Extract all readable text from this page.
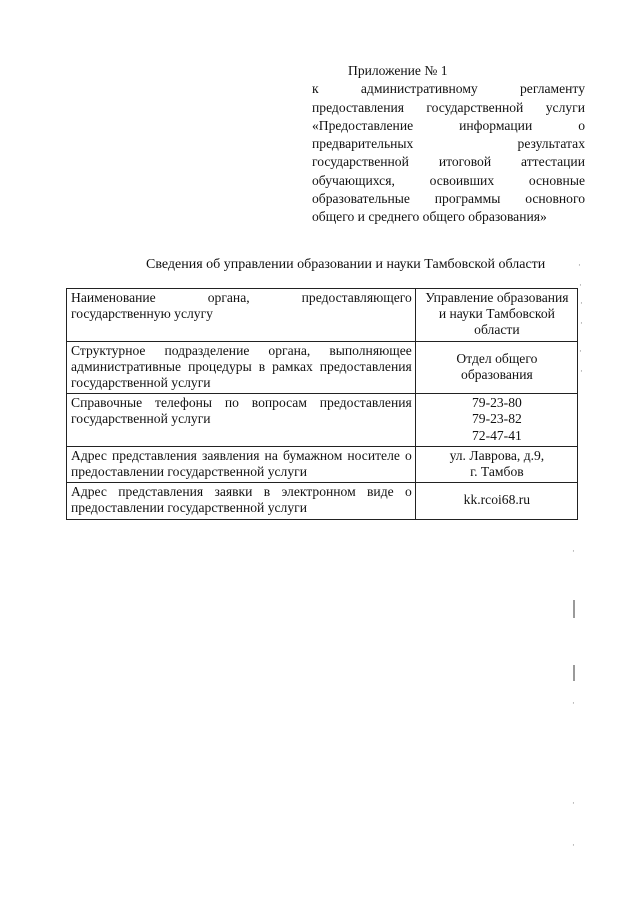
Приложение № 1
к административному регламенту
предоставления государственной услуги
«Предоставление информации о
предварительных результатах
государственной итоговой аттестации
обучающихся, освоивших основные
образовательные программы основного
общего и среднего общего образования»
Сведения об управлении образовании и науки Тамбовской области
Наименование органа, предоставляющего государственную услугу	Управление образования
и науки Тамбовской
области

Структурное подразделение органа, выполняющее административные процедуры в рамках предоставления государственной услуги	Отдел общего
образования

Справочные телефоны по вопросам предоставления государственной услуги	79-23-80
79-23-82
72-47-41

Адрес представления заявления на бумажном носителе о предоставлении государственной услуги	ул. Лаврова, д.9,
г. Тамбов

Адрес представления заявки в электронном виде о предоставлении государственной услуги	kk.rcoi68.ru
·
·
·
·
·
·
·
·
·
·
